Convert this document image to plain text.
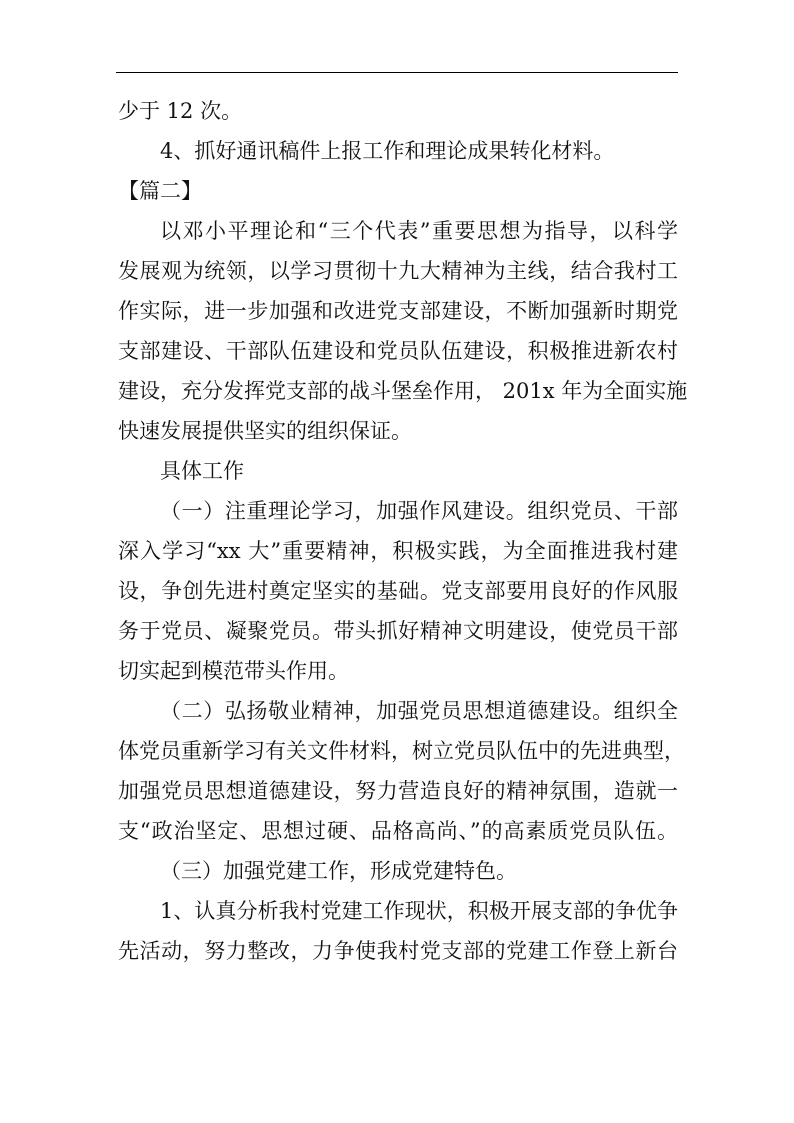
少于 12 次。
4、抓好通讯稿件上报工作和理论成果转化材料。
【篇二】
以邓小平理论和“三个代表”重要思想为指导，以科学
发展观为统领，以学习贯彻十九大精神为主线，结合我村工
作实际，进一步加强和改进党支部建设，不断加强新时期党
支部建设、干部队伍建设和党员队伍建设，积极推进新农村
建设，充分发挥党支部的战斗堡垒作用， 201x 年为全面实施
快速发展提供坚实的组织保证。
具体工作
（一）注重理论学习，加强作风建设。组织党员、干部
深入学习“xx 大”重要精神，积极实践，为全面推进我村建
设，争创先进村奠定坚实的基础。党支部要用良好的作风服
务于党员、凝聚党员。带头抓好精神文明建设，使党员干部
切实起到模范带头作用。
（二）弘扬敬业精神，加强党员思想道德建设。组织全
体党员重新学习有关文件材料，树立党员队伍中的先进典型，
加强党员思想道德建设，努力营造良好的精神氛围，造就一
支“政治坚定、思想过硬、品格高尚、”的高素质党员队伍。
（三）加强党建工作，形成党建特色。
1、认真分析我村党建工作现状，积极开展支部的争优争
先活动，努力整改，力争使我村党支部的党建工作登上新台
